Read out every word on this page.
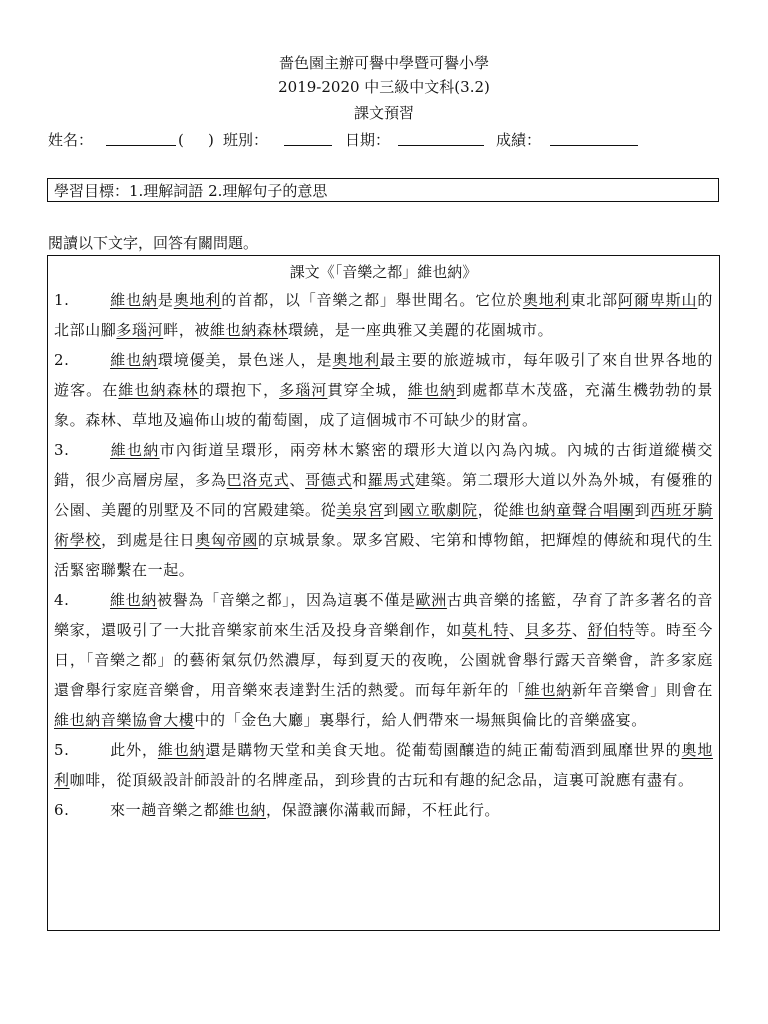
嗇色園主辦可譽中學暨可譽小學
2019-2020 中三級中文科(3.2)
課文預習
姓名：	( ) 班別：	日期：	成績：
學習目標：1.理解詞語 2.理解句子的意思
閱讀以下文字，回答有關問題。
課文《「音樂之都」維也納》
1.	維也納是奧地利的首都，以「音樂之都」舉世聞名。它位於奧地利東北部阿爾卑斯山的北部山腳多瑙河畔，被維也納森林環繞，是一座典雅又美麗的花園城市。
2.	維也納環境優美，景色迷人，是奧地利最主要的旅遊城市，每年吸引了來自世界各地的遊客。在維也納森林的環抱下，多瑙河貫穿全城，維也納到處都草木茂盛，充滿生機勃勃的景象。森林、草地及遍佈山坡的葡萄園，成了這個城市不可缺少的財富。
3.	維也納市內街道呈環形，兩旁林木繁密的環形大道以內為內城。內城的古街道縱橫交錯，很少高層房屋，多為巴洛克式、哥德式和羅馬式建築。第二環形大道以外為外城，有優雅的公園、美麗的別墅及不同的宮殿建築。從美泉宮到國立歌劇院，從維也納童聲合唱團到西班牙騎術學校，到處是往日奧匈帝國的京城景象。眾多宮殿、宅第和博物館，把輝煌的傳統和現代的生活緊密聯繫在一起。
4.	維也納被譽為「音樂之都」，因為這裏不僅是歐洲古典音樂的搖籃，孕育了許多著名的音樂家，還吸引了一大批音樂家前來生活及投身音樂創作，如莫札特、貝多芬、舒伯特等。時至今日，「音樂之都」的藝術氣氛仍然濃厚，每到夏天的夜晚，公園就會舉行露天音樂會，許多家庭還會舉行家庭音樂會，用音樂來表達對生活的熱愛。而每年新年的「維也納新年音樂會」則會在維也納音樂協會大樓中的「金色大廳」裏舉行，給人們帶來一場無與倫比的音樂盛宴。
5.	此外，維也納還是購物天堂和美食天地。從葡萄園釀造的純正葡萄酒到風靡世界的奧地利咖啡，從頂級設計師設計的名牌產品，到珍貴的古玩和有趣的紀念品，這裏可說應有盡有。
6.	來一趟音樂之都維也納，保證讓你滿載而歸，不枉此行。
